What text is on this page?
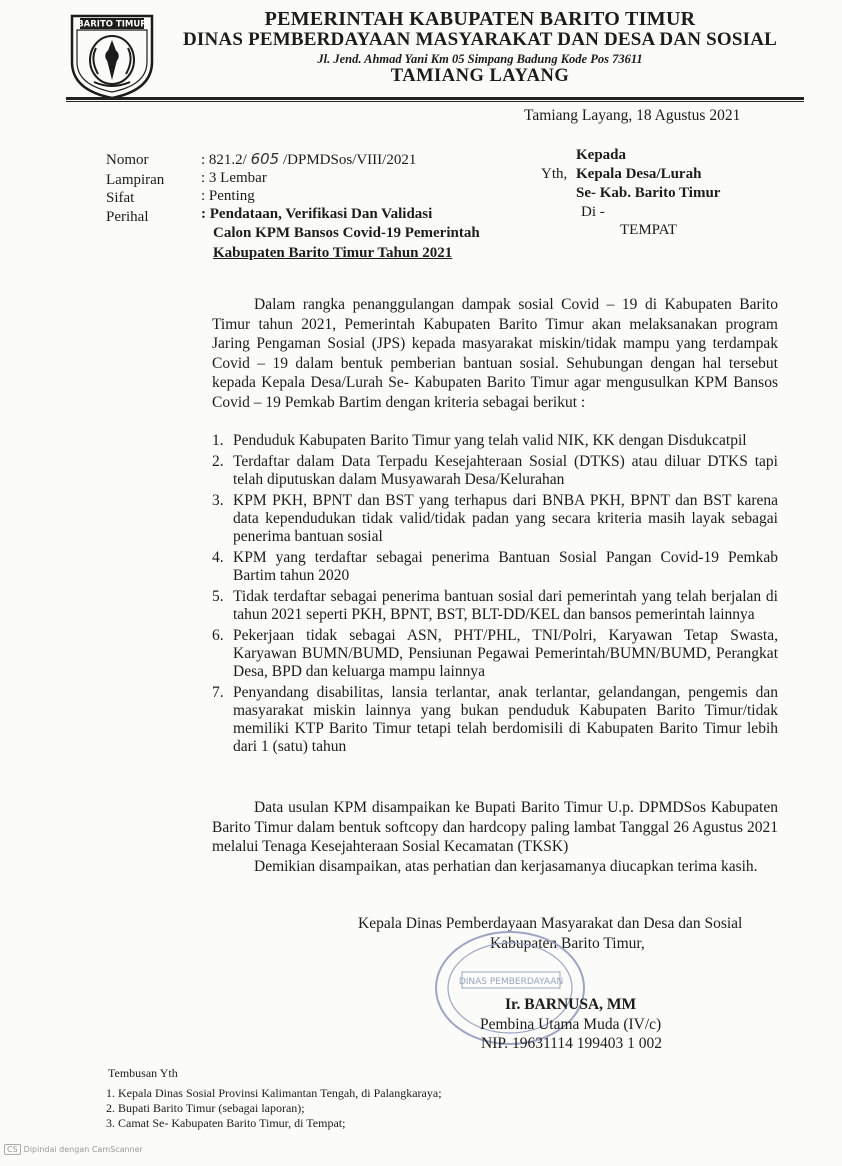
BARITO TIMUR	PEMERINTAH KABUPATEN BARITO TIMUR
DINAS PEMBERDAYAAN MASYARAKAT DAN DESA DAN SOSIAL
Jl. Jend. Ahmad Yani Km 05 Simpang Badung Kode Pos 73611
TAMIANG LAYANG
Tamiang Layang, 18 Agustus 2021
Nomor	: 821.2/ 605 /DPMDSos/VIII/2021
Lampiran : 3 Lembar
Sifat	: Penting
Perihal	: Pendataan, Verifikasi Dan Validasi
Calon KPM Bansos Covid-19 Pemerintah
Kabupaten Barito Timur Tahun 2021
Kepada
Yth, Kepala Desa/Lurah
Se- Kab. Barito Timur
Di -
TEMPAT
Dalam rangka penanggulangan dampak sosial Covid – 19 di Kabupaten Barito Timur tahun 2021, Pemerintah Kabupaten Barito Timur akan melaksanakan program Jaring Pengaman Sosial (JPS) kepada masyarakat miskin/tidak mampu yang terdampak Covid – 19 dalam bentuk pemberian bantuan sosial. Sehubungan dengan hal tersebut kepada Kepala Desa/Lurah Se- Kabupaten Barito Timur agar mengusulkan KPM Bansos Covid – 19 Pemkab Bartim dengan kriteria sebagai berikut :
1. Penduduk Kabupaten Barito Timur yang telah valid NIK, KK dengan Disdukcatpil
2. Terdaftar dalam Data Terpadu Kesejahteraan Sosial (DTKS) atau diluar DTKS tapi telah diputuskan dalam Musyawarah Desa/Kelurahan
3. KPM PKH, BPNT dan BST yang terhapus dari BNBA PKH, BPNT dan BST karena data kependudukan tidak valid/tidak padan yang secara kriteria masih layak sebagai penerima bantuan sosial
4. KPM yang terdaftar sebagai penerima Bantuan Sosial Pangan Covid-19 Pemkab Bartim tahun 2020
5. Tidak terdaftar sebagai penerima bantuan sosial dari pemerintah yang telah berjalan di tahun 2021 seperti PKH, BPNT, BST, BLT-DD/KEL dan bansos pemerintah lainnya
6. Pekerjaan tidak sebagai ASN, PHT/PHL, TNI/Polri, Karyawan Tetap Swasta, Karyawan BUMN/BUMD, Pensiunan Pegawai Pemerintah/BUMN/BUMD, Perangkat Desa, BPD dan keluarga mampu lainnya
7. Penyandang disabilitas, lansia terlantar, anak terlantar, gelandangan, pengemis dan masyarakat miskin lainnya yang bukan penduduk Kabupaten Barito Timur/tidak memiliki KTP Barito Timur tetapi telah berdomisili di Kabupaten Barito Timur lebih dari 1 (satu) tahun
Data usulan KPM disampaikan ke Bupati Barito Timur U.p. DPMDSos Kabupaten Barito Timur dalam bentuk softcopy dan hardcopy paling lambat Tanggal 26 Agustus 2021 melalui Tenaga Kesejahteraan Sosial Kecamatan (TKSK)
Demikian disampaikan, atas perhatian dan kerjasamanya diucapkan terima kasih.
Kepala Dinas Pemberdayaan Masyarakat dan Desa dan Sosial
Kabupaten Barito Timur,
DINAS PEMBERDAYAAN
Ir. BARNUSA, MM
Pembina Utama Muda (IV/c)
NIP. 19631114 199403 1 002
Tembusan Yth
1. Kepala Dinas Sosial Provinsi Kalimantan Tengah, di Palangkaraya;
2. Bupati Barito Timur (sebagai laporan);
3. Camat Se- Kabupaten Barito Timur, di Tempat;
CS Dipindai dengan CamScanner
